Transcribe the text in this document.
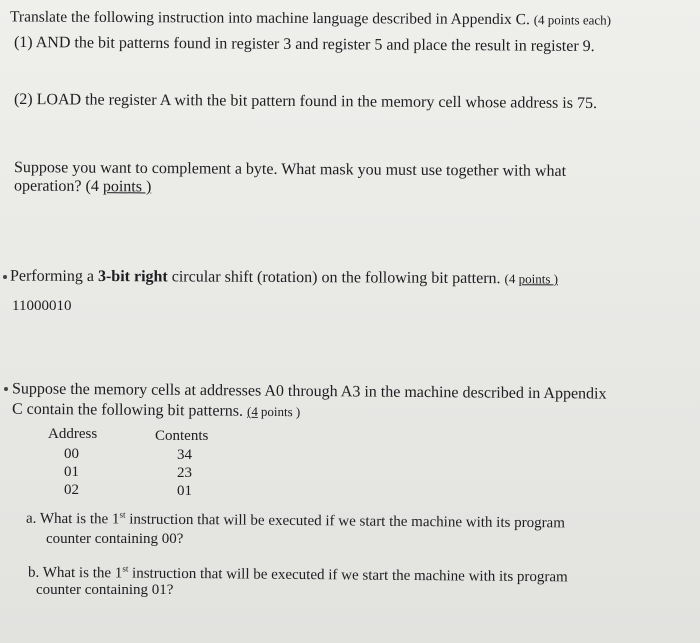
Translate the following instruction into machine language described in Appendix C. (4 points each)
(1) AND the bit patterns found in register 3 and register 5 and place the result in register 9.
(2) LOAD the register A with the bit pattern found in the memory cell whose address is 75.
Suppose you want to complement a byte. What mask you must use together with what
operation? (4 points )
Performing a 3-bit right circular shift (rotation) on the following bit pattern. (4 points )
11000010
Suppose the memory cells at addresses A0 through A3 in the machine described in Appendix
C contain the following bit patterns. (4 points )
Address	Contents
00	34
01	23
02	01
a. What is the 1st instruction that will be executed if we start the machine with its program
counter containing 00?
b. What is the 1st instruction that will be executed if we start the machine with its program
counter containing 01?
